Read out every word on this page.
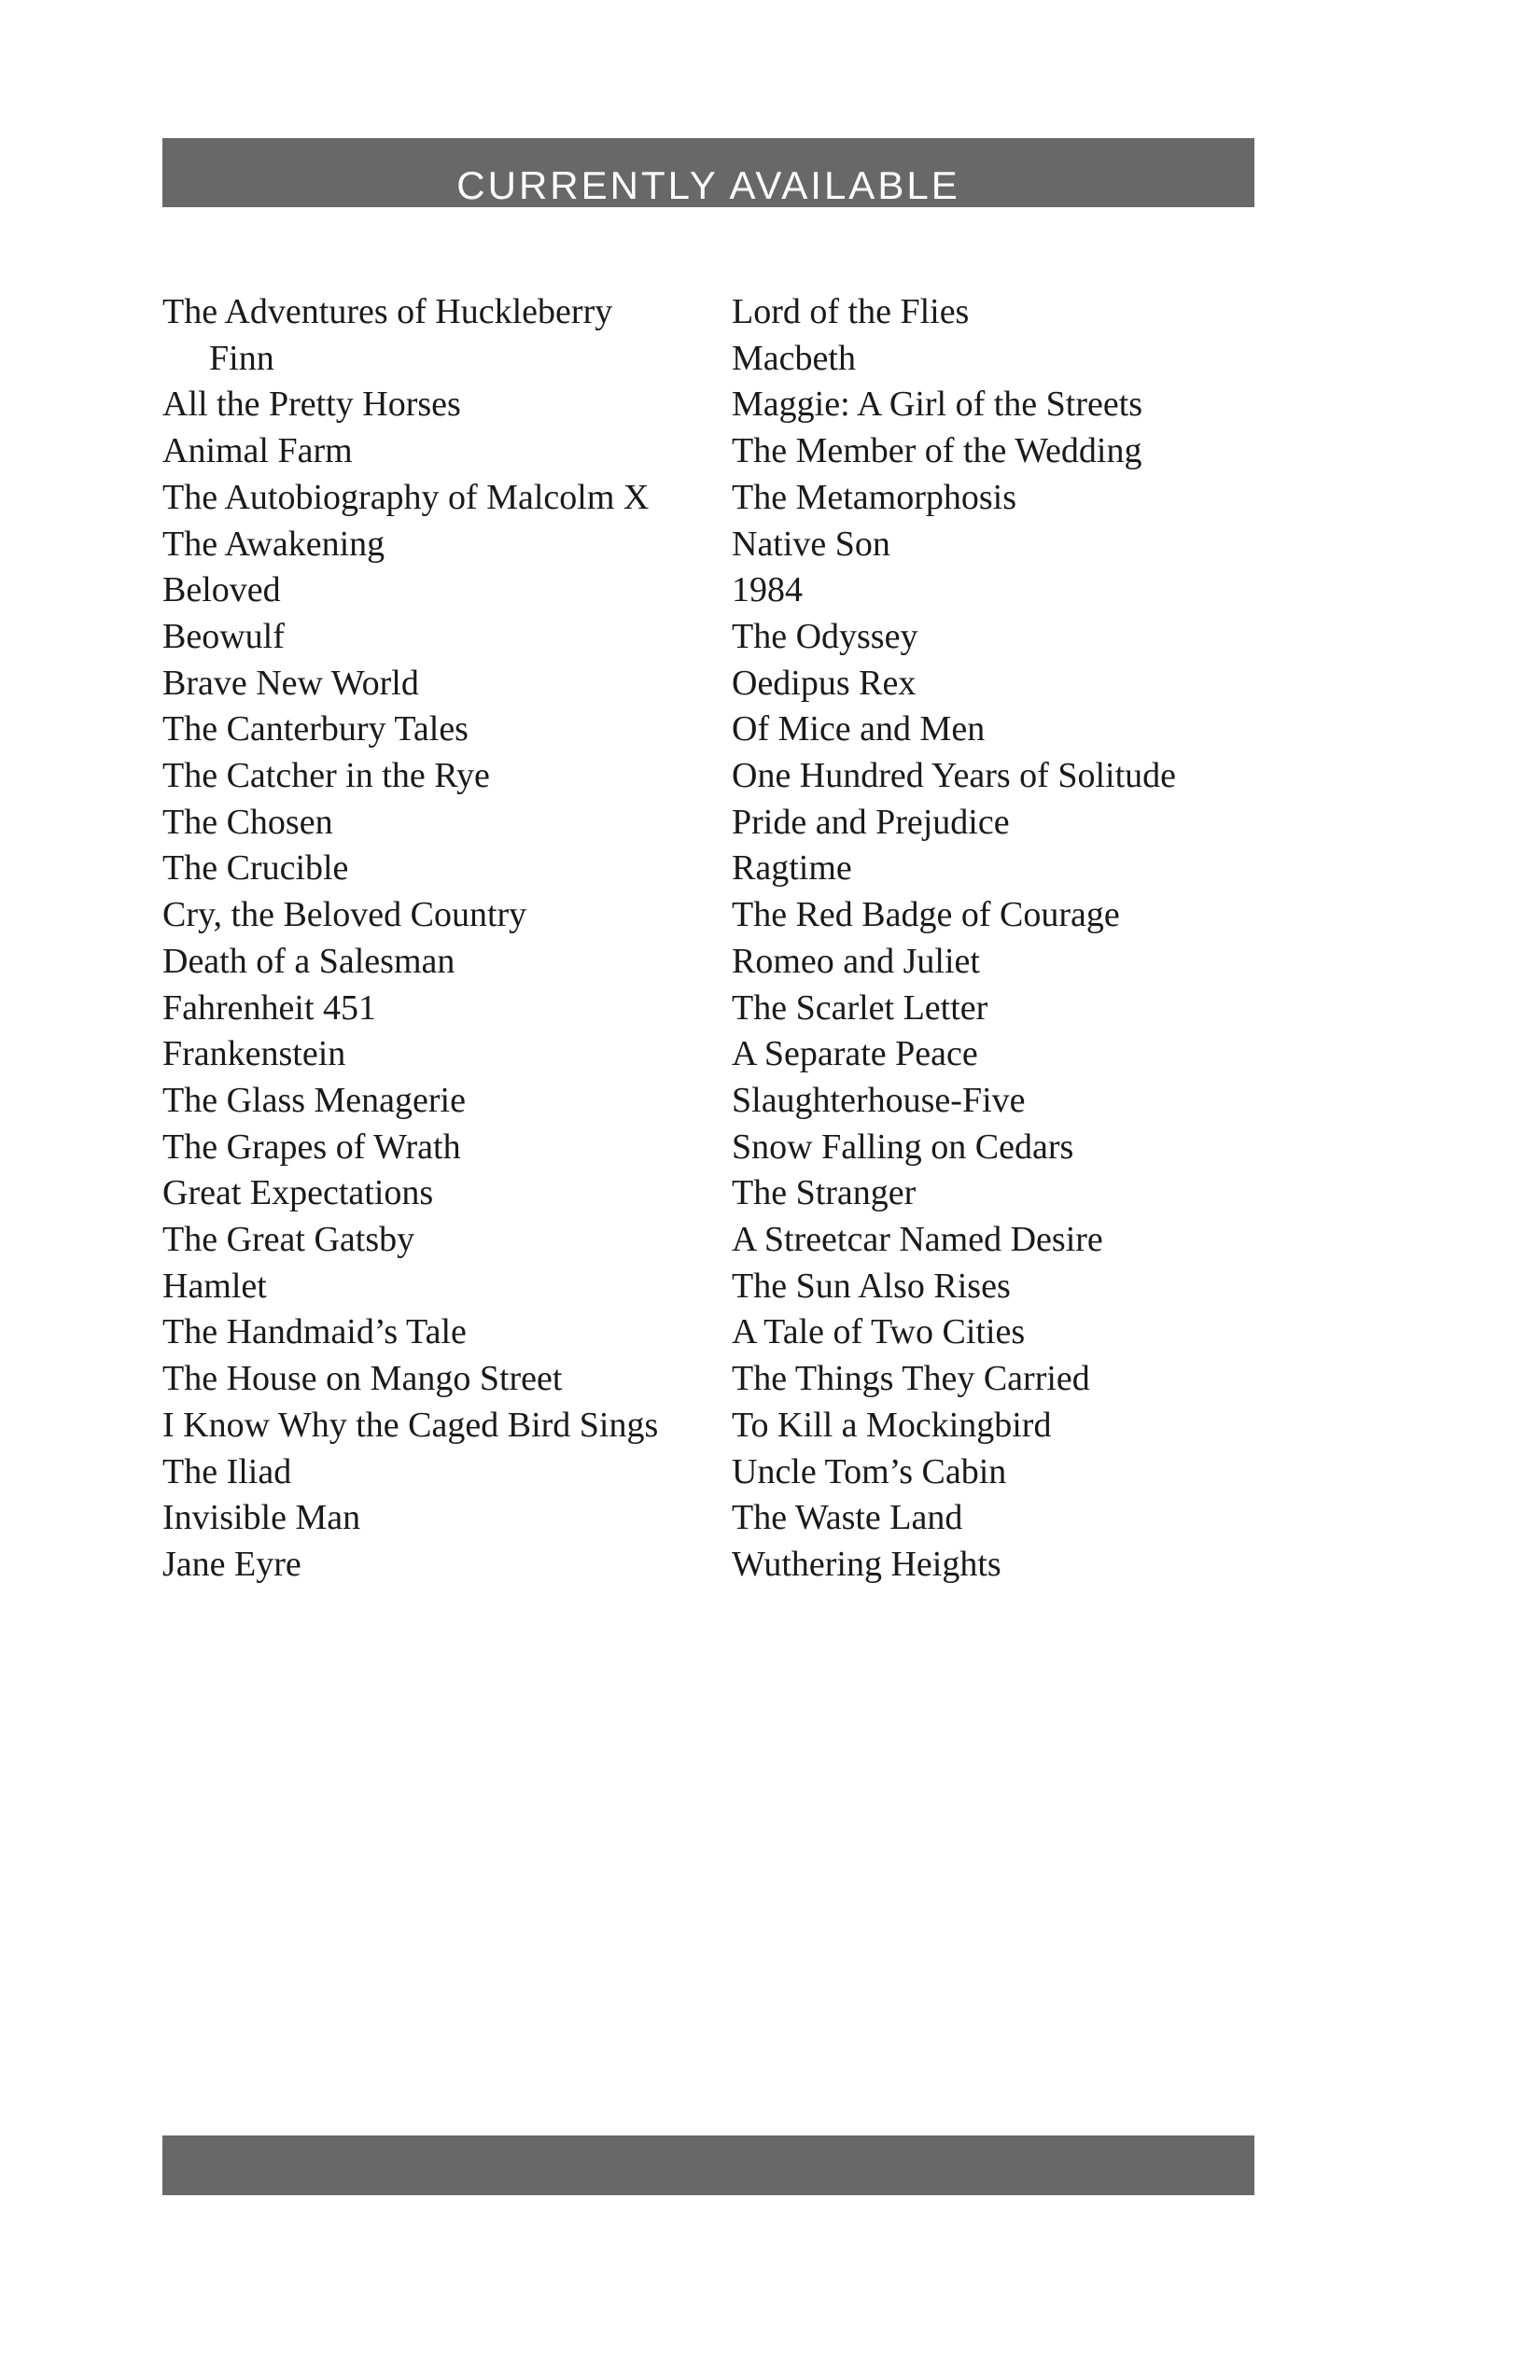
CURRENTLY AVAILABLE
The Adventures of Huckleberry
Finn
All the Pretty Horses
Animal Farm
The Autobiography of Malcolm X
The Awakening
Beloved
Beowulf
Brave New World
The Canterbury Tales
The Catcher in the Rye
The Chosen
The Crucible
Cry, the Beloved Country
Death of a Salesman
Fahrenheit 451
Frankenstein
The Glass Menagerie
The Grapes of Wrath
Great Expectations
The Great Gatsby
Hamlet
The Handmaid’s Tale
The House on Mango Street
I Know Why the Caged Bird Sings
The Iliad
Invisible Man
Jane Eyre
Lord of the Flies
Macbeth
Maggie: A Girl of the Streets
The Member of the Wedding
The Metamorphosis
Native Son
1984
The Odyssey
Oedipus Rex
Of Mice and Men
One Hundred Years of Solitude
Pride and Prejudice
Ragtime
The Red Badge of Courage
Romeo and Juliet
The Scarlet Letter
A Separate Peace
Slaughterhouse-Five
Snow Falling on Cedars
The Stranger
A Streetcar Named Desire
The Sun Also Rises
A Tale of Two Cities
The Things They Carried
To Kill a Mockingbird
Uncle Tom’s Cabin
The Waste Land
Wuthering Heights
